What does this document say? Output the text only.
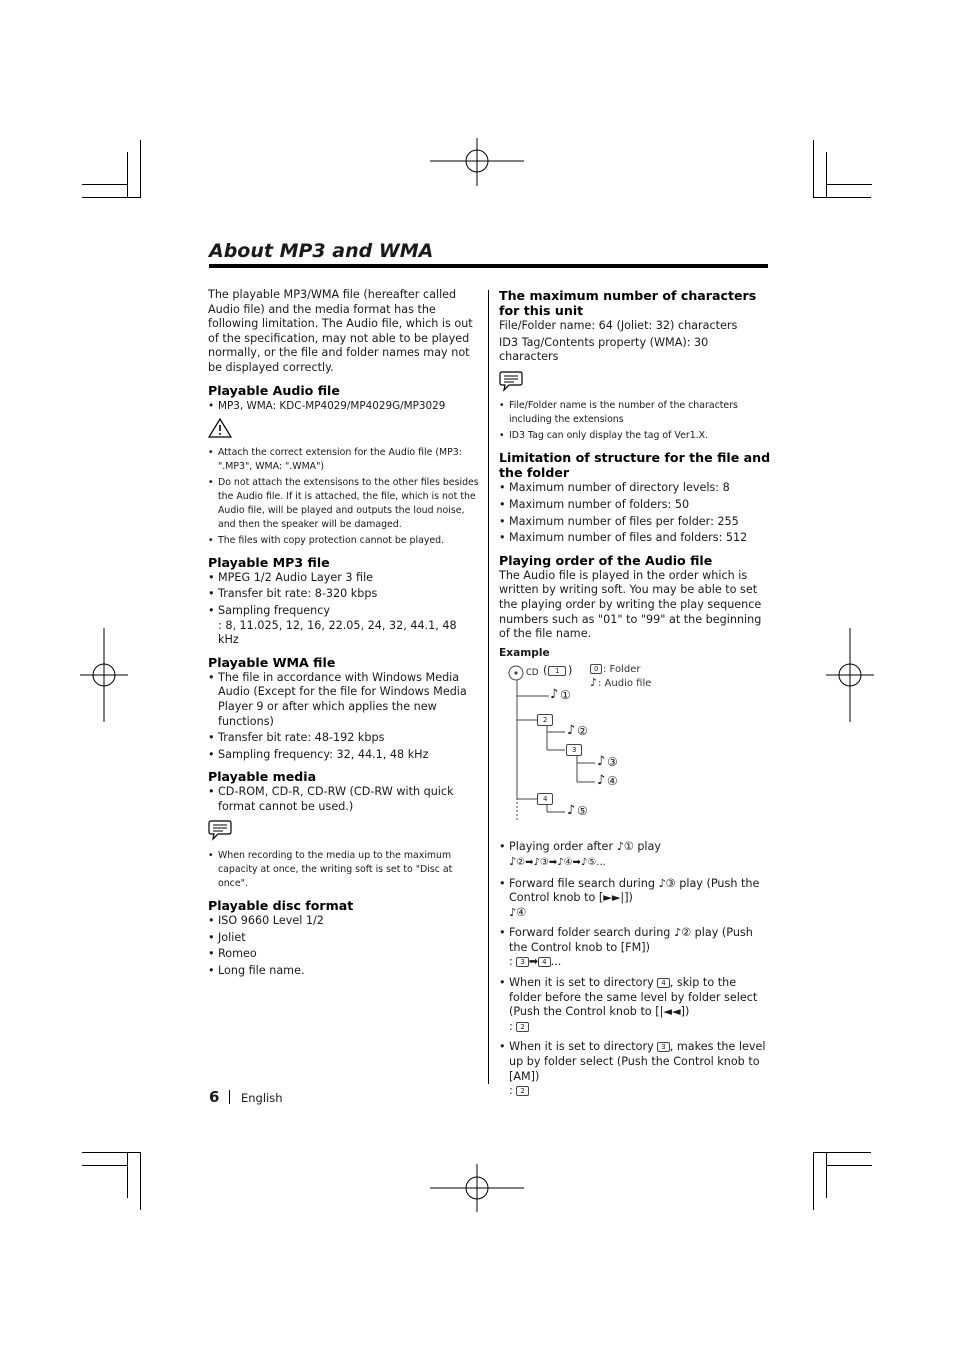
About MP3 and WMA

The playable MP3/WMA file (hereafter called Audio file) and the media format has the following limitation. The Audio file, which is out of the specification, may not able to be played normally, or the file and folder names may not be displayed correctly.

Playable Audio file
• MP3, WMA: KDC-MP4029/MP4029G/MP3029
• Attach the correct extension for the Audio file (MP3: ".MP3", WMA: ".WMA")
• Do not attach the extensisons to the other files besides the Audio file. If it is attached, the file, which is not the Audio file, will be played and outputs the loud noise, and then the speaker will be damaged.
• The files with copy protection cannot be played.
Playable MP3 file
• MPEG 1/2 Audio Layer 3 file
• Transfer bit rate: 8-320 kbps
• Sampling frequency
: 8, 11.025, 12, 16, 22.05, 24, 32, 44.1, 48 kHz
Playable WMA file
• The file in accordance with Windows Media Audio (Except for the file for Windows Media Player 9 or after which applies the new functions)
• Transfer bit rate: 48-192 kbps
• Sampling frequency: 32, 44.1, 48 kHz
Playable media
• CD-ROM, CD-R, CD-RW (CD-RW with quick format cannot be used.)
• When recording to the media up to the maximum capacity at once, the writing soft is set to "Disc at once".
Playable disc format
• ISO 9660 Level 1/2
• Joliet
• Romeo
• Long file name.
The maximum number of characters for this unit

File/Folder name: 64 (Joliet: 32) characters

ID3 Tag/Contents property (WMA): 30 characters

• File/Folder name is the number of the characters including the extensions
• ID3 Tag can only display the tag of Ver1.X.
Limitation of structure for the file and the folder
• Maximum number of directory levels: 8
• Maximum number of folders: 50
• Maximum number of files per folder: 255
• Maximum number of files and folders: 512
Playing order of the Audio file

The Audio file is played in the order which is written by writing soft. You may be able to set the playing order by writing the play sequence numbers such as "01" to "99" at the beginning of the file name.

Example
CD (	1 )	0 : Folder
♪ : Audio file
♪ ①
2
♪ ②
3
♪ ③
♪ ④
4
♪ ⑤
• Playing order after ♪① play
♪②➡♪③➡♪④➡♪⑤...
• Forward file search during ♪③ play (Push the Control knob to [►►|])
♪④
• Forward folder search during ♪② play (Push the Control knob to [FM])
: 3 ➡ 4 ...
• When it is set to directory 4 , skip to the folder before the same level by folder select (Push the Control knob to [|◄◄])
: 2
• When it is set to directory 3 , makes the level up by folder select (Push the Control knob to [AM])
: 2
6 English
